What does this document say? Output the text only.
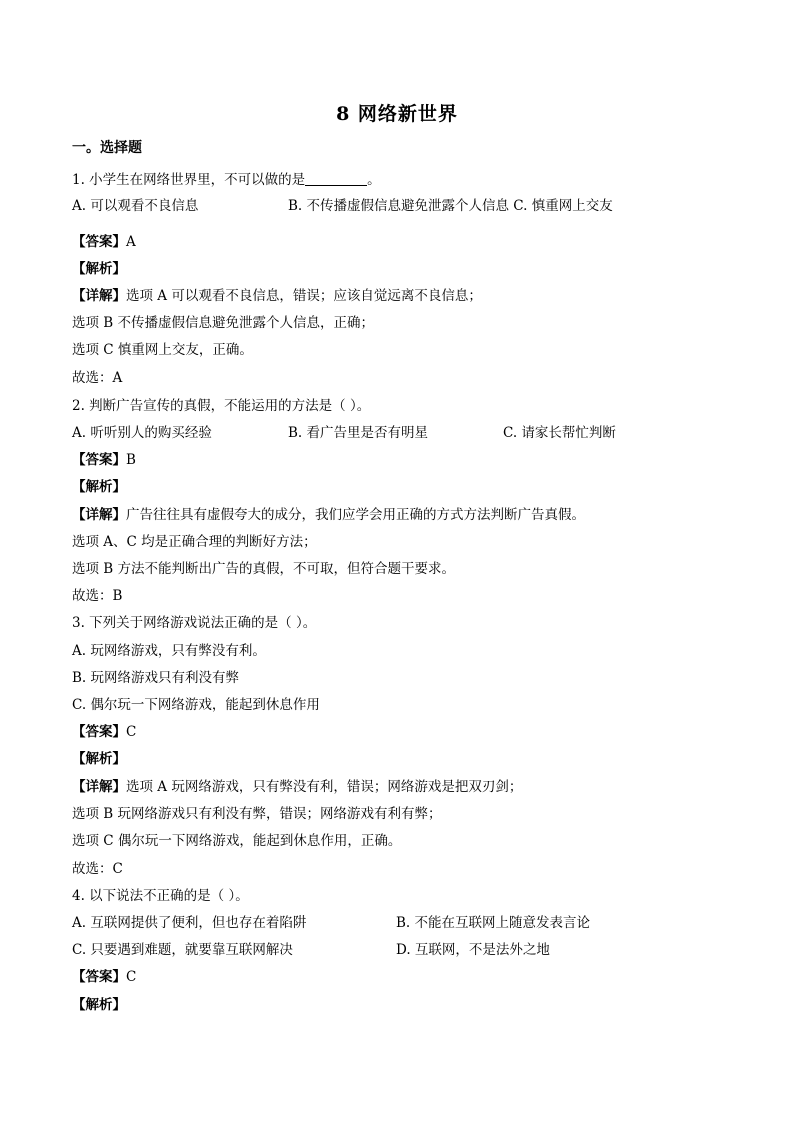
8 网络新世界
一。选择题
1. 小学生在网络世界里，不可以做的是	。
A. 可以观看不良信息	B. 不传播虚假信息避免泄露个人信息 C. 慎重网上交友
【答案】A
【解析】
【详解】选项 A 可以观看不良信息，错误；应该自觉远离不良信息；
选项 B 不传播虚假信息避免泄露个人信息，正确；
选项 C 慎重网上交友，正确。
故选：A
2. 判断广告宣传的真假，不能运用的方法是（ ）。
A. 听听别人的购买经验	B. 看广告里是否有明星	C. 请家长帮忙判断
【答案】B
【解析】
【详解】广告往往具有虚假夸大的成分，我们应学会用正确的方式方法判断广告真假。
选项 A、C 均是正确合理的判断好方法；
选项 B 方法不能判断出广告的真假，不可取，但符合题干要求。
故选：B
3. 下列关于网络游戏说法正确的是（ ）。
A. 玩网络游戏，只有弊没有利。
B. 玩网络游戏只有利没有弊
C. 偶尔玩一下网络游戏，能起到休息作用
【答案】C
【解析】
【详解】选项 A 玩网络游戏，只有弊没有利，错误；网络游戏是把双刃剑；
选项 B 玩网络游戏只有利没有弊，错误；网络游戏有利有弊；
选项 C 偶尔玩一下网络游戏，能起到休息作用，正确。
故选：C
4. 以下说法不正确的是（ ）。
A. 互联网提供了便利，但也存在着陷阱	B. 不能在互联网上随意发表言论
C. 只要遇到难题，就要靠互联网解决	D. 互联网，不是法外之地
【答案】C
【解析】
